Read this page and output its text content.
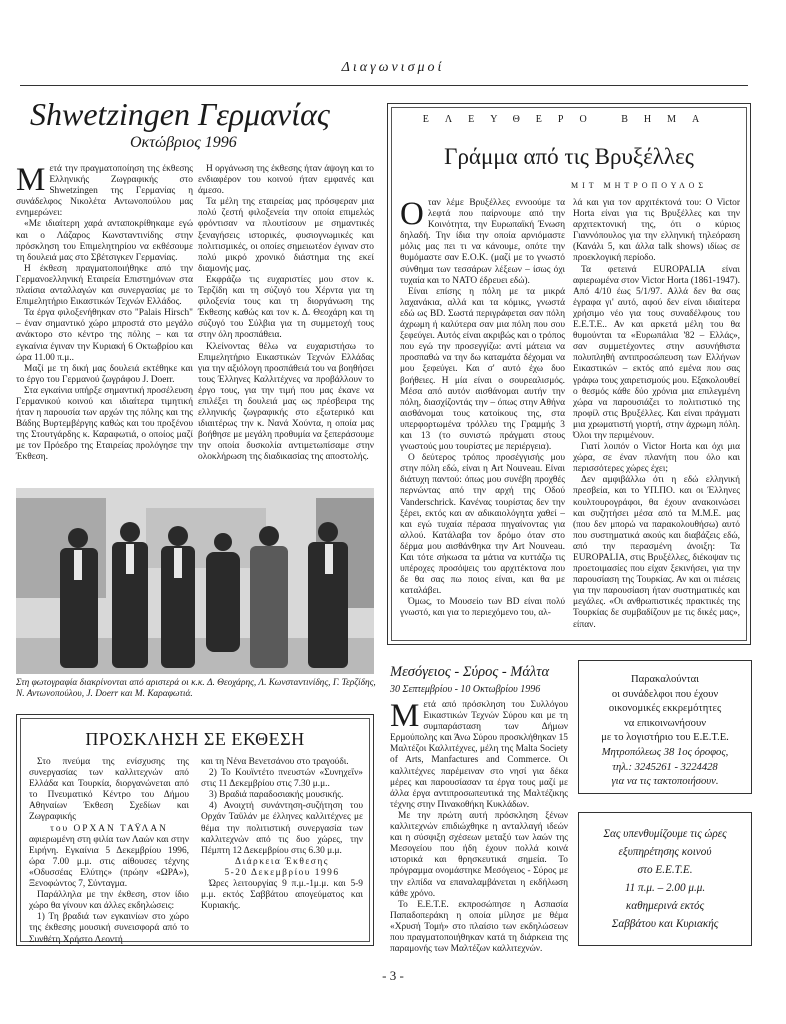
Διαγωνισμοί
Shwetzingen Γερμανίας
Οκτώβριος 1996

Μετά την πραγματοποίηση της έκθεσης Ελληνικής Ζωγραφικής στο Shwetzingen της Γερμανίας η συνάδελφος Νικολέτα Αντωνοπούλου μας ενημερώνει:

«Με ιδιαίτερη χαρά ανταποκρίθηκαμε εγώ και ο Λάζαρος Κωνσταντινίδης στην πρόσκληση του Επιμελητηρίου να εκθέσουμε τη δουλειά μας στο Σβέτσιγκεν Γερμανίας.

Η έκθεση πραγματοποιήθηκε από την Γερμανοελληνική Εταιρεία Επιστημόνων στα πλαίσια ανταλλαγών και συνεργασίας με το Επιμελητήριο Εικαστικών Τεχνών Ελλάδος.

Τα έργα φιλοξενήθηκαν στο "Palais Hirsch" – έναν σημαντικό χώρο μπροστά στο μεγάλο ανάκτορο στο κέντρο της πόλης – και τα εγκαίνια έγιναν την Κυριακή 6 Οκτωβρίου και ώρα 11.00 π.μ..

Μαζί με τη δική μας δουλειά εκτέθηκε και το έργο του Γερμανού ζωγράφου J. Doerr.

Στα εγκαίνια υπήρξε σημαντική προσέλευση Γερμανικού κοινού και ιδιαίτερα τιμητική ήταν η παρουσία των αρχών της πόλης και της Βάδης Βυρτεμβέργης καθώς και του προξένου της Στουτγάρδης κ. Καραφωτιά, ο οποίος μαζί με τον Πρόεδρο της Εταιρείας προλόγησε την Έκθεση.

Η οργάνωση της έκθεσης ήταν άψογη και το ενδιαφέρον του κοινού ήταν εμφανές και άμεσο.

Τα μέλη της εταιρείας μας πρόσφεραν μια πολύ ζεστή φιλοξενεία την οποία επιμελώς φρόντισαν να πλουτίσουν με σημαντικές ξεναγήσεις ιστορικές, φυσιογνωμικές και πολιτισμικές, οι οποίες σημειωτέον έγιναν στο πολύ μικρό χρονικό διάστημα της εκεί διαμονής μας.

Εκφράζω τις ευχαριστίες μου στον κ. Τερζίδη και τη σύζυγό του Χέρντα για τη φιλοξενία τους και τη διοργάνωση της Έκθεσης καθώς και τον κ. Δ. Θεοχάρη και τη σύζυγό του Σύλβια για τη συμμετοχή τους στην όλη προσπάθεια.

Κλείνοντας θέλω να ευχαριστήσω το Επιμελητήριο Εικαστικών Τεχνών Ελλάδας για την αξιόλογη προσπάθειά του να βοηθήσει τους Έλληνες Καλλιτέχνες να προβάλλουν το έργο τους, για την τιμή που μας έκανε να επιλέξει τη δουλειά μας ως πρέσβειρα της ελληνικής ζωγραφικής στο εξωτερικό και ιδιαιτέρως την κ. Νανά Χούντα, η οποία μας βοήθησε με μεγάλη προθυμία να ξεπεράσουμε την οποία δυσκολία αντιμετωπίσαμε στην ολοκλήρωση της διαδικασίας της αποστολής.

Στη φωτογραφία διακρίνονται από αριστερά οι κ.κ. Δ. Θεοχάρης, Λ. Κωνσταντινίδης, Γ. Τερζίδης, Ν. Αντωνοπούλου, J. Doerr και Μ. Καραφωτιά.
ΠΡΟΣΚΛΗΣΗ ΣΕ ΕΚΘΕΣΗ

Στο πνεύμα της ενίσχυσης της συνεργασίας των καλλιτεχνών από Ελλάδα και Τουρκία, διοργανώνεται από το Πνευματικό Κέντρο του Δήμου Αθηναίων Έκθεση Σχεδίων και Ζωγραφικής

του ΟΡΧΑΝ ΤΑΫΛΑΝ

αφιερωμένη στη φιλία των Λαών και στην Ειρήνη. Εγκαίνια 5 Δεκεμβρίου 1996, ώρα 7.00 μ.μ. στις αίθουσες τέχνης «Οδυσσέας Ελύτης» (πρώην «ΩΡΑ»), Ξενοφώντος 7, Σύνταγμα.

Παράλληλα με την έκθεση, στον ίδιο χώρο θα γίνουν και άλλες εκδηλώσεις:

1) Τη βραδιά των εγκαινίων στο χώρο της έκθεσης μουσική συνεισφορά από το Συνθέτη Χρήστο Λεοντή

και τη Νένα Βενετσάνου στο τραγούδι.

2) Το Κουϊντέτο πνευστών «Συνηχεΐν» στις 11 Δεκεμβρίου στις 7.30 μ.μ..

3) Βραδιά παραδοσιακής μουσικής.

4) Ανοιχτή συνάντηση-συζήτηση του Ορχάν Ταϋλάν με έλληνες καλλιτέχνες με θέμα την πολιτιστική συνεργασία των καλλιτεχνών από τις δυο χώρες, την Πέμπτη 12 Δεκεμβρίου στις 6.30 μ.μ.

Διάρκεια Έκθεσης

5-20 Δεκεμβρίου 1996

Ώρες λειτουργίας 9 π.μ.-1μ.μ. και 5-9 μ.μ. εκτός Σαββάτου απογεύματος και Κυριακής.

ΕΛΕΥΘΕΡΟ ΒΗΜΑ
Γράμμα από τις Βρυξέλλες
ΜΙΤ ΜΗΤΡΟΠΟΥΛΟΣ

Οταν λέμε Βρυξέλλες εννοούμε τα λεφτά που παίρνουμε από την Κοινότητα, την Ευρωπαϊκή Ένωση δηλαδή. Την ίδια την οποία αρνιόμαστε μόλις μας πει τι να κάνουμε, οπότε την θυμόμαστε σαν Ε.Ο.Κ. (μαζί με το γνωστό σύνθημα των τεσσάρων λέξεων – ίσως όχι τυχαία και το ΝΑΤΟ έδρευει εδώ).

Είναι επίσης η πόλη με τα μικρά λαχανάκια, αλλά και τα κόμικς, γνωστά εδώ ως BD. Σωστά περιγράφεται σαν πόλη άχρωμη ή καλύτερα σαν μια πόλη που σου ξεφεύγει. Αυτός είναι ακριβώς και ο τρόπος που εγώ την προσεγγίζω: αντί μάτεια να προσπαθώ να την δω καταμάτα δέχομαι να μου ξεφεύγει. Και σ' αυτό έχω δυο βοήθειες. Η μία είναι ο σουρεαλισμός. Μέσα από αυτόν αισθάνομαι αυτήν την πόλη, διασχίζοντάς την – όπως στην Αθήνα αισθάνομαι τους κατοίκους της, στα υπερφορτωμένα τρόλλευ της Γραμμής 3 και 13 (το συνιστώ πράγματι στους γνωστούς μου τουρίστες με περιέργεια).

Ο δεύτερος τρόπος προσέγγισής μου στην πόλη εδώ, είναι η Art Nouveau. Είναι διάτυχη παντού: όπως μου συνέβη προχθές περνώντας από την αρχή της Οδού Vanderschrick. Κανένας τουρίστας δεν την ξέρει, εκτός και αν αδικαιολόγητα χαθεί – και εγώ τυχαία πέρασα πηγαίνοντας για αλλού. Κατάλαβα τον δρόμο όταν στο δέρμα μου αισθάνθηκα την Art Nouveau. Και τότε σήκωσα τα μάτια να κυττάζω τις υπέροχες προσόψεις του αρχιτέκτονα που δε θα σας πω ποιος είναι, και θα με καταλάβει.

Όμως, το Μουσείο των BD είναι πολύ γνωστό, και για το περιεχόμενο του, αλ-

λά και για τον αρχιτέκτονά του: Ο Victor Horta είναι για τις Βρυξέλλες και την αρχιτεκτονική της, ότι ο κύριος Γιαννόπουλος για την ελληνική τηλεόραση (Κανάλι 5, και άλλα talk shows) ιδίως σε προεκλογική περίοδο.

Τα φετεινά EUROPALIA είναι αφιερωμένα στον Victor Horta (1861-1947). Από 4/10 έως 5/1/97. Αλλά δεν θα σας έγραφα γι' αυτό, αφού δεν είναι ιδιαίτερα χρήσιμο νέο για τους συναδέλφους του Ε.Ε.Τ.Ε.. Αν και αρκετά μέλη του θα θυμούνται τα «Ευρωπάλια '82 – Ελλάς», σαν συμμετέχοντες στην ασυνήθιστα πολυπληθή αντιπροσώπευση των Ελλήνων Εικαστικών – εκτός από εμένα που σας γράφω τους χαιρετισμούς μου. Εξακολουθεί ο θεσμός κάθε δύο χρόνια μια επιλεγμένη χώρα να παρουσιάζει το πολιτιστικό της προφίλ στις Βρυξέλλες. Και είναι πράγματι μια χρωματιστή γιορτή, στην άχρωμη πόλη. Όλοι την περιμένουν.

Γιατί λοιπόν ο Victor Horta και όχι μια χώρα, σε έναν πλανήτη που όλο και περισσότερες χώρες έχει;

Δεν αμφιβάλλω ότι η εδώ ελληνική πρεσβεία, και το ΥΠ.ΠΟ. και οι Έλληνες κουλτουρογράφοι, θα έχουν ανακοινώσει και συζητήσει μέσα από τα Μ.Μ.Ε. μας (που δεν μπορώ να παρακολουθήσω) αυτό που συστηματικά ακούς και διαβάζεις εδώ, από την περασμένη άνοιξη: Τα EUROPALIA, στις Βρυξέλλες, διέκοψαν τις προετοιμασίες που είχαν ξεκινήσει, για την παρουσίαση της Τουρκίας. Αν και οι πιέσεις για την παρουσίαση ήταν συστηματικές και μεγάλες. «Οι ανθρωπιστικές πρακτικές της Τουρκίας δε συμβαδίζουν με τις δικές μας», είπαν.

Μεσόγειος - Σύρος - Μάλτα
30 Σεπτεμβρίου - 10 Οκτωβρίου 1996

Μετά από πρόσκληση του Συλλόγου Εικαστικών Τεχνών Σύρου και με τη συμπαράσταση των Δήμων Ερμούπολης και Άνω Σύρου προσκλήθηκαν 15 Μαλτέζοι Καλλιτέχνες, μέλη της Malta Society of Arts, Manfactures and Commerce. Οι καλλιτέχνες παρέμειναν στο νησί για δέκα μέρες και παρουσίασαν τα έργα τους μαζί με άλλα έργα αντιπροσωπευτικά της Μαλτέζικης τέχνης στην Πινακοθήκη Κυκλάδων.

Με την πρώτη αυτή πρόσκληση ξένων καλλιτεχνών επιδιώχθηκε η ανταλλαγή ιδεών και η σύσφιξη σχέσεων μεταξύ των λαών της Μεσογείου που ήδη έχουν πολλά κοινά ιστορικά και θρησκευτικά σημεία. Το πρόγραμμα ονομάστηκε Μεσόγειος - Σύρος με την ελπίδα να επαναλαμβάνεται η εκδήλωση κάθε χρόνο.

Το Ε.Ε.Τ.Ε. εκπροσώπησε η Ασπασία Παπαδοπεράκη η οποία μίλησε με θέμα «Χρυσή Τομή» στο πλαίσιο των εκδηλώσεων που πραγματοποιήθηκαν κατά τη διάρκεια της παραμονής των Μαλτέζων καλλιτεχνών.

Παρακαλούνται
οι συνάδελφοι που έχουν
οικονομικές εκκρεμότητες
να επικοινωνήσουν
με το λογιστήριο του Ε.Ε.Τ.Ε.
Μητροπόλεως 38 1ος όροφος,
τηλ.: 3245261 - 3224428
για να τις τακτοποιήσουν.
Σας υπενθυμίζουμε τις ώρες
εξυπηρέτησης κοινού
στο Ε.Ε.Τ.Ε.
11 π.μ. – 2.00 μ.μ.
καθημερινά εκτός
Σαββάτου και Κυριακής
- 3 -
